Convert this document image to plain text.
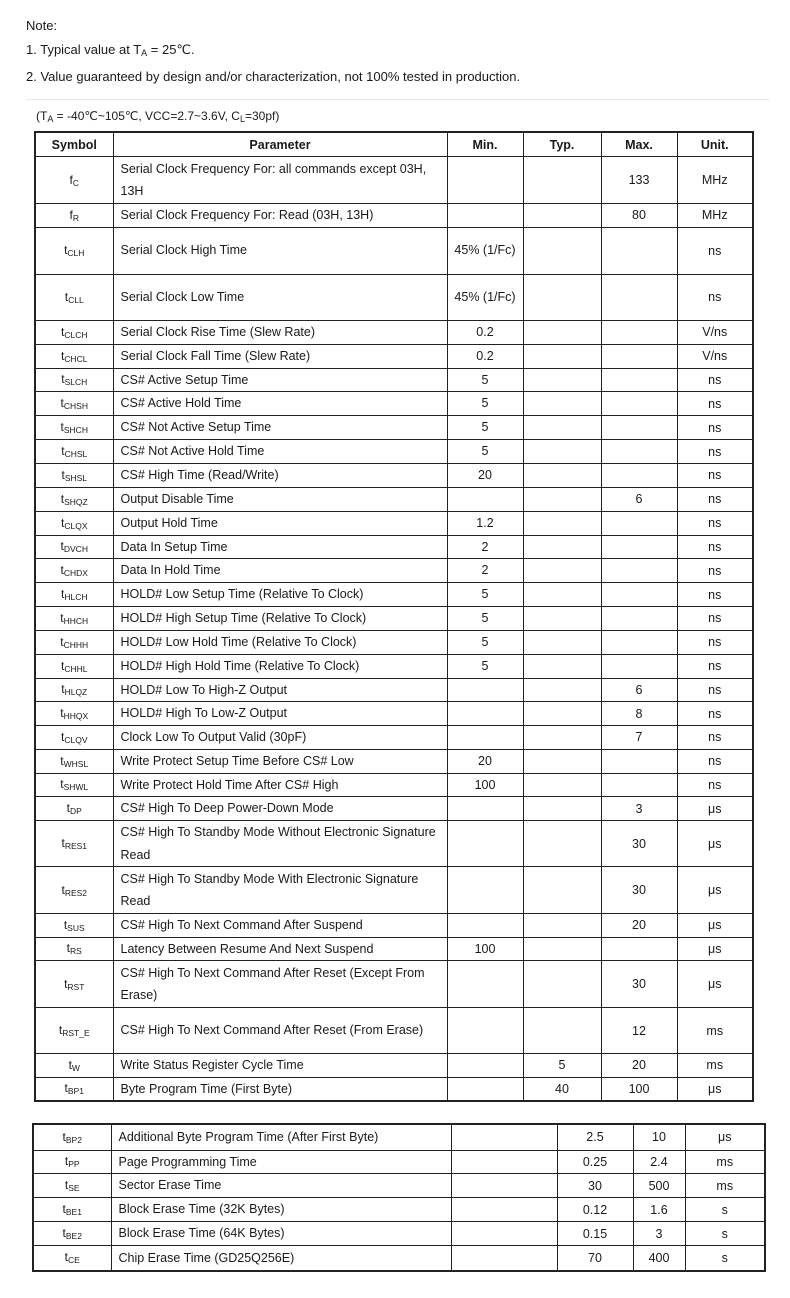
Note:

1. Typical value at $T_A$ = 25℃.

2. Value guaranteed by design and/or characterization, not 100% tested in production.

($T_A$ = -40℃~105℃, VCC=2.7~3.6V, $C_L=30pf$)
Symbol	Parameter	Min.	Typ.	Max.	Unit.
$f_C$	Serial Clock Frequency For: all commands except 03H, 13H			133	MHz
$f_R$	Serial Clock Frequency For: Read (03H, 13H)			80	MHz
$t_{CLH}$	Serial Clock High Time	45% (1/Fc)			ns
$t_{CLL}$	Serial Clock Low Time	45% (1/Fc)			ns
$t_{CLCH}$	Serial Clock Rise Time (Slew Rate)	0.2			V/ns
$t_{CHCL}$	Serial Clock Fall Time (Slew Rate)	0.2			V/ns
$t_{SLCH}$	CS# Active Setup Time	5			ns
$t_{CHSH}$	CS# Active Hold Time	5			ns
$t_{SHCH}$	CS# Not Active Setup Time	5			ns
$t_{CHSL}$	CS# Not Active Hold Time	5			ns
$t_{SHSL}$	CS# High Time (Read/Write)	20			ns
$t_{SHQZ}$	Output Disable Time			6	ns
$t_{CLQX}$	Output Hold Time	1.2			ns
$t_{DVCH}$	Data In Setup Time	2			ns
$t_{CHDX}$	Data In Hold Time	2			ns
$t_{HLCH}$	HOLD# Low Setup Time (Relative To Clock)	5			ns
$t_{HHCH}$	HOLD# High Setup Time (Relative To Clock)	5			ns
$t_{CHHH}$	HOLD# Low Hold Time (Relative To Clock)	5			ns
$t_{CHHL}$	HOLD# High Hold Time (Relative To Clock)	5			ns
$t_{HLQZ}$	HOLD# Low To High-Z Output			6	ns
$t_{HHQX}$	HOLD# High To Low-Z Output			8	ns
$t_{CLQV}$	Clock Low To Output Valid (30pF)			7	ns
$t_{WHSL}$	Write Protect Setup Time Before CS# Low	20			ns
$t_{SHWL}$	Write Protect Hold Time After CS# High	100			ns
$t_{DP}$	CS# High To Deep Power-Down Mode			3	μs
$t_{RES1}$	CS# High To Standby Mode Without Electronic Signature Read			30	μs
$t_{RES2}$	CS# High To Standby Mode With Electronic Signature Read			30	μs
$t_{SUS}$	CS# High To Next Command After Suspend			20	μs
$t_{RS}$	Latency Between Resume And Next Suspend	100			μs
$t_{RST}$	CS# High To Next Command After Reset (Except From Erase)			30	μs
$t_{RST\_E}$	CS# High To Next Command After Reset (From Erase)			12	ms
$t_W$	Write Status Register Cycle Time		5	20	ms
$t_{BP1}$	Byte Program Time (First Byte)		40	100	μs
$t_{BP2}$	Additional Byte Program Time (After First Byte)		2.5	10	μs
$t_{PP}$	Page Programming Time		0.25	2.4	ms
$t_{SE}$	Sector Erase Time		30	500	ms
$t_{BE1}$	Block Erase Time (32K Bytes)		0.12	1.6	s
$t_{BE2}$	Block Erase Time (64K Bytes)		0.15	3	s
$t_{CE}$	Chip Erase Time (GD25Q256E)		70	400	s
